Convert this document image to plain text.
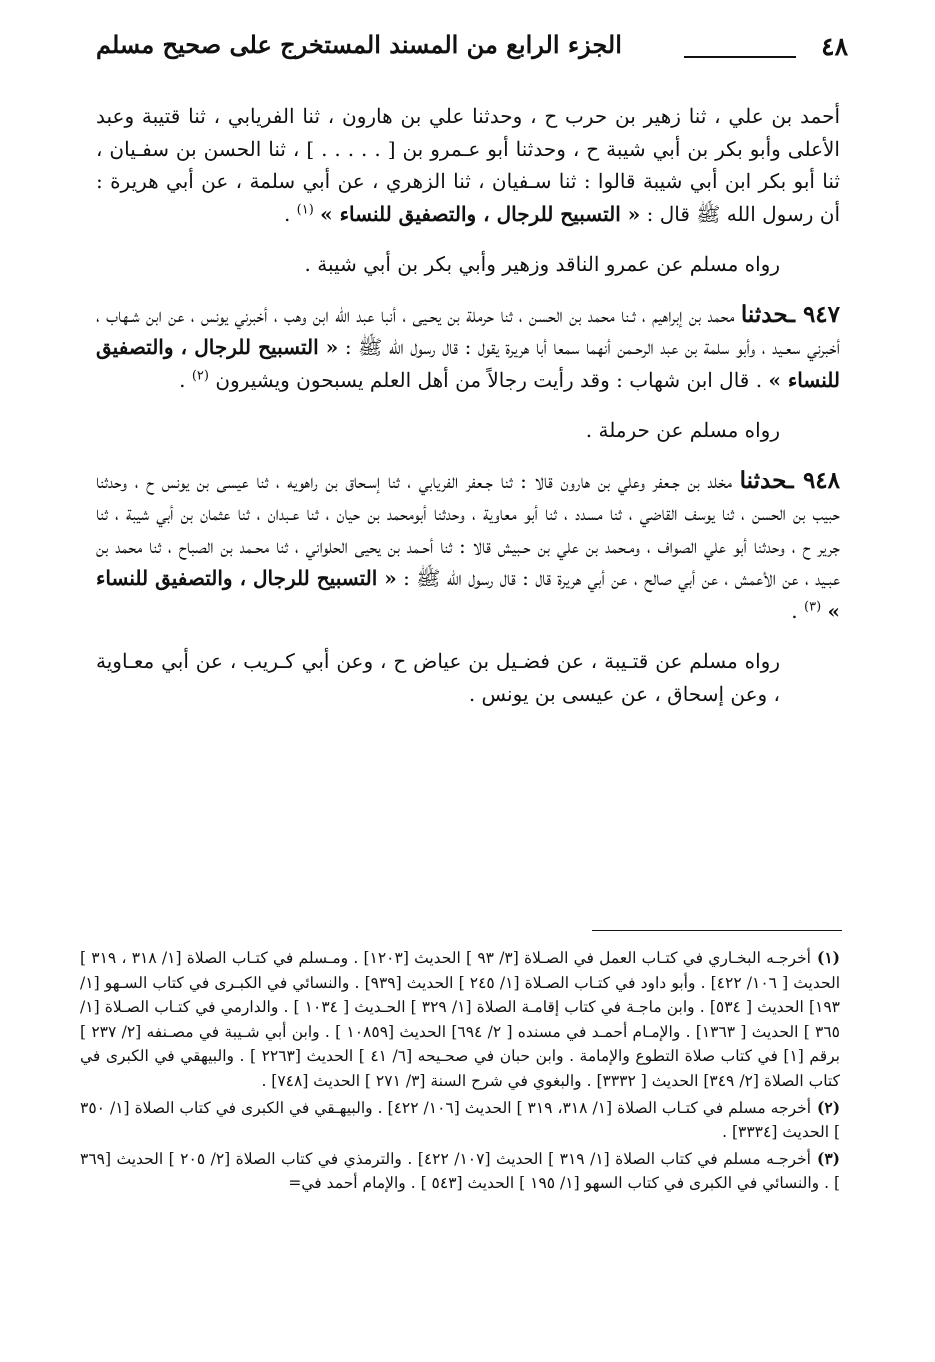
٤٨
الجزء الرابع من المسند المستخرج على صحيح مسلم

أحمد بن علي ، ثنا زهير بن حرب ح ، وحدثنا علي بن هارون ، ثنا الفريابي ، ثنا قتيبة وعبد الأعلى وأبو بكر بن أبي شيبة ح ، وحدثنا أبو عـمرو بن [ . . . . . ] ، ثنا الحسن بن سفـيان ، ثنا أبو بكر ابن أبي شيبة قالوا : ثنا سـفيان ، ثنا الزهري ، عن أبي سلمة ، عن أبي هريرة : أن رسول الله ﷺ قال : « التسبيح للرجال ، والتصفيق للنساء » $^{(١)}$ .

رواه مسلم عن عمرو الناقد وزهير وأبي بكر بن أبي شيبة .

٩٤٧ ـحدثنا محمد بن إبراهيم ، ثـنا محمد بن الحسن ، ثنا حرملة بن يحـيى ، أنبا عبد الله ابن وهب ، أخبرني يونس ، عن ابن شـهاب ، أخبرني سعـيد ، وأبو سلمة بن عبد الرحـمن أنهما سمعا أبا هريرة يقول : قال رسول الله ﷺ : « التسبيح للرجال ، والتصفيق للنساء » . قال ابن شهاب : وقد رأيت رجالاً من أهل العلم يسبحون ويشيرون $^{(٢)}$ .

رواه مسلم عن حرملة .

٩٤٨ ـحدثنا مخلد بن جـعفر وعلي بن هارون قالا : ثنا جـعفر الفريابي ، ثنا إسـحاق بن راهويه ، ثنا عيسى بن يونس ح ، وحدثنا حبيب بن الحسن ، ثنا يوسف القاضي ، ثنا مسدد ، ثنا أبو معاوية ، وحدثنا أبومحمد بن حيان ، ثنا عـبدان ، ثنا عثمان بن أبي شيبة ، ثنا جرير ح ، وحدثنا أبو علي الصواف ، ومـحمد بن علي بن حـبيش قالا : ثنا أحـمد بن يحيى الحلواني ، ثنا محـمد بن الصباح ، ثنا محمد بن عبـيد ، عن الأعمش ، عن أبي صالح ، عن أبي هريرة قال : قال رسول الله ﷺ : « التسبيح للرجال ، والتصفيق للنساء » $^{(٣)}$ .

رواه مسلم عن قتـيبة ، عن فضـيل بن عياض ح ، وعن أبي كـريب ، عن أبي معـاوية ، وعن إسحاق ، عن عيسى بن يونس .

(١)أخرجـه البخـاري في كتـاب العمل في الصـلاة [٣/ ٩٣ ] الحديث [١٢٠٣] . ومـسلم في كتـاب الصلاة [١/ ٣١٨ ، ٣١٩ ] الحديث [ ١٠٦/ ٤٢٢] . وأبو داود في كتـاب الصـلاة [١/ ٢٤٥ ] الحديث [٩٣٩] . والنسائي في الكبـرى في كتاب السـهو [١/ ١٩٣] الحديث [ ٥٣٤] . وابن ماجـة في كتاب إقامـة الصلاة [١/ ٣٢٩ ] الحـديث [ ١٠٣٤ ] . والدارمي في كتـاب الصـلاة [١/ ٣٦٥ ] الحديث [ ١٣٦٣] . والإمـام أحمـد في مسنده [ ٢/ ٦٩٤] الحديث [١٠٨٥٩ ] . وابن أبي شـيبة في مصـنفه [٢/ ٢٣٧ ] برقم [١] في كتاب صلاة التطوع والإمامة . وابن حبان في صحـيحه [٦/ ٤١ ] الحديث [٢٢٦٣ ] . والبيهقي في الكبرى في كتاب الصلاة [٢/ ٣٤٩] الحديث [ ٣٣٣٢] . والبغوي في شرح السنة [٣/ ٢٧١ ] الحديث [٧٤٨] .

(٢)أخرجه مسلم في كتـاب الصلاة [١/ ٣١٨، ٣١٩ ] الحديث [١٠٦/ ٤٢٢] . والبيهـقي في الكبرى في كتاب الصلاة [١/ ٣٥٠ ] الحديث [٣٣٣٤] .

(٣)أخرجـه مسلم في كتاب الصلاة [١/ ٣١٩ ] الحديث [١٠٧/ ٤٢٢] . والترمذي في كتاب الصلاة [٢/ ٢٠٥ ] الحديث [٣٦٩ ] . والنسائي في الكبرى في كتاب السهو [١/ ١٩٥ ] الحديث [٥٤٣ ] . والإمام أحمد في=
